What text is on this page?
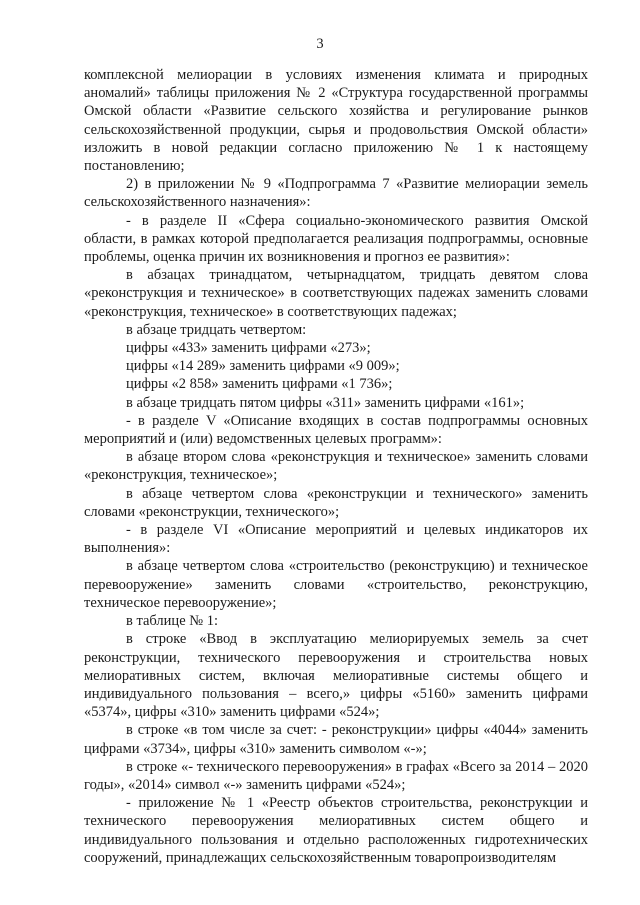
3

комплексной мелиорации в условиях изменения климата и природных аномалий» таблицы приложения № 2 «Структура государственной программы Омской области «Развитие сельского хозяйства и регулирование рынков сельскохозяйственной продукции, сырья и продовольствия Омской области» изложить в новой редакции согласно приложению № 1 к настоящему постановлению;

2) в приложении № 9 «Подпрограмма 7 «Развитие мелиорации земель сельскохозяйственного назначения»:

- в разделе II «Сфера социально-экономического развития Омской области, в рамках которой предполагается реализация подпрограммы, основные проблемы, оценка причин их возникновения и прогноз ее развития»:

в абзацах тринадцатом, четырнадцатом, тридцать девятом слова «реконструкция и техническое» в соответствующих падежах заменить словами «реконструкция, техническое» в соответствующих падежах;

в абзаце тридцать четвертом:

цифры «433» заменить цифрами «273»;

цифры «14 289» заменить цифрами «9 009»;

цифры «2 858» заменить цифрами «1 736»;

в абзаце тридцать пятом цифры «311» заменить цифрами «161»;

- в разделе V «Описание входящих в состав подпрограммы основных мероприятий и (или) ведомственных целевых программ»:

в абзаце втором слова «реконструкция и техническое» заменить словами «реконструкция, техническое»;

в абзаце четвертом слова «реконструкции и технического» заменить словами «реконструкции, технического»;

- в разделе VI «Описание мероприятий и целевых индикаторов их выполнения»:

в абзаце четвертом слова «строительство (реконструкцию) и техническое перевооружение» заменить словами «строительство, реконструкцию, техническое перевооружение»;

в таблице № 1:

в строке «Ввод в эксплуатацию мелиорируемых земель за счет реконструкции, технического перевооружения и строительства новых мелиоративных систем, включая мелиоративные системы общего и индивидуального пользования – всего,» цифры «5160» заменить цифрами «5374», цифры «310» заменить цифрами «524»;

в строке «в том числе за счет: - реконструкции» цифры «4044» заменить цифрами «3734», цифры «310» заменить символом «-»;

в строке «- технического перевооружения» в графах «Всего за 2014 – 2020 годы», «2014» символ «-» заменить цифрами «524»;

- приложение № 1 «Реестр объектов строительства, реконструкции и технического перевооружения мелиоративных систем общего и индивидуального пользования и отдельно расположенных гидротехнических сооружений, принадлежащих сельскохозяйственным товаропроизводителям
